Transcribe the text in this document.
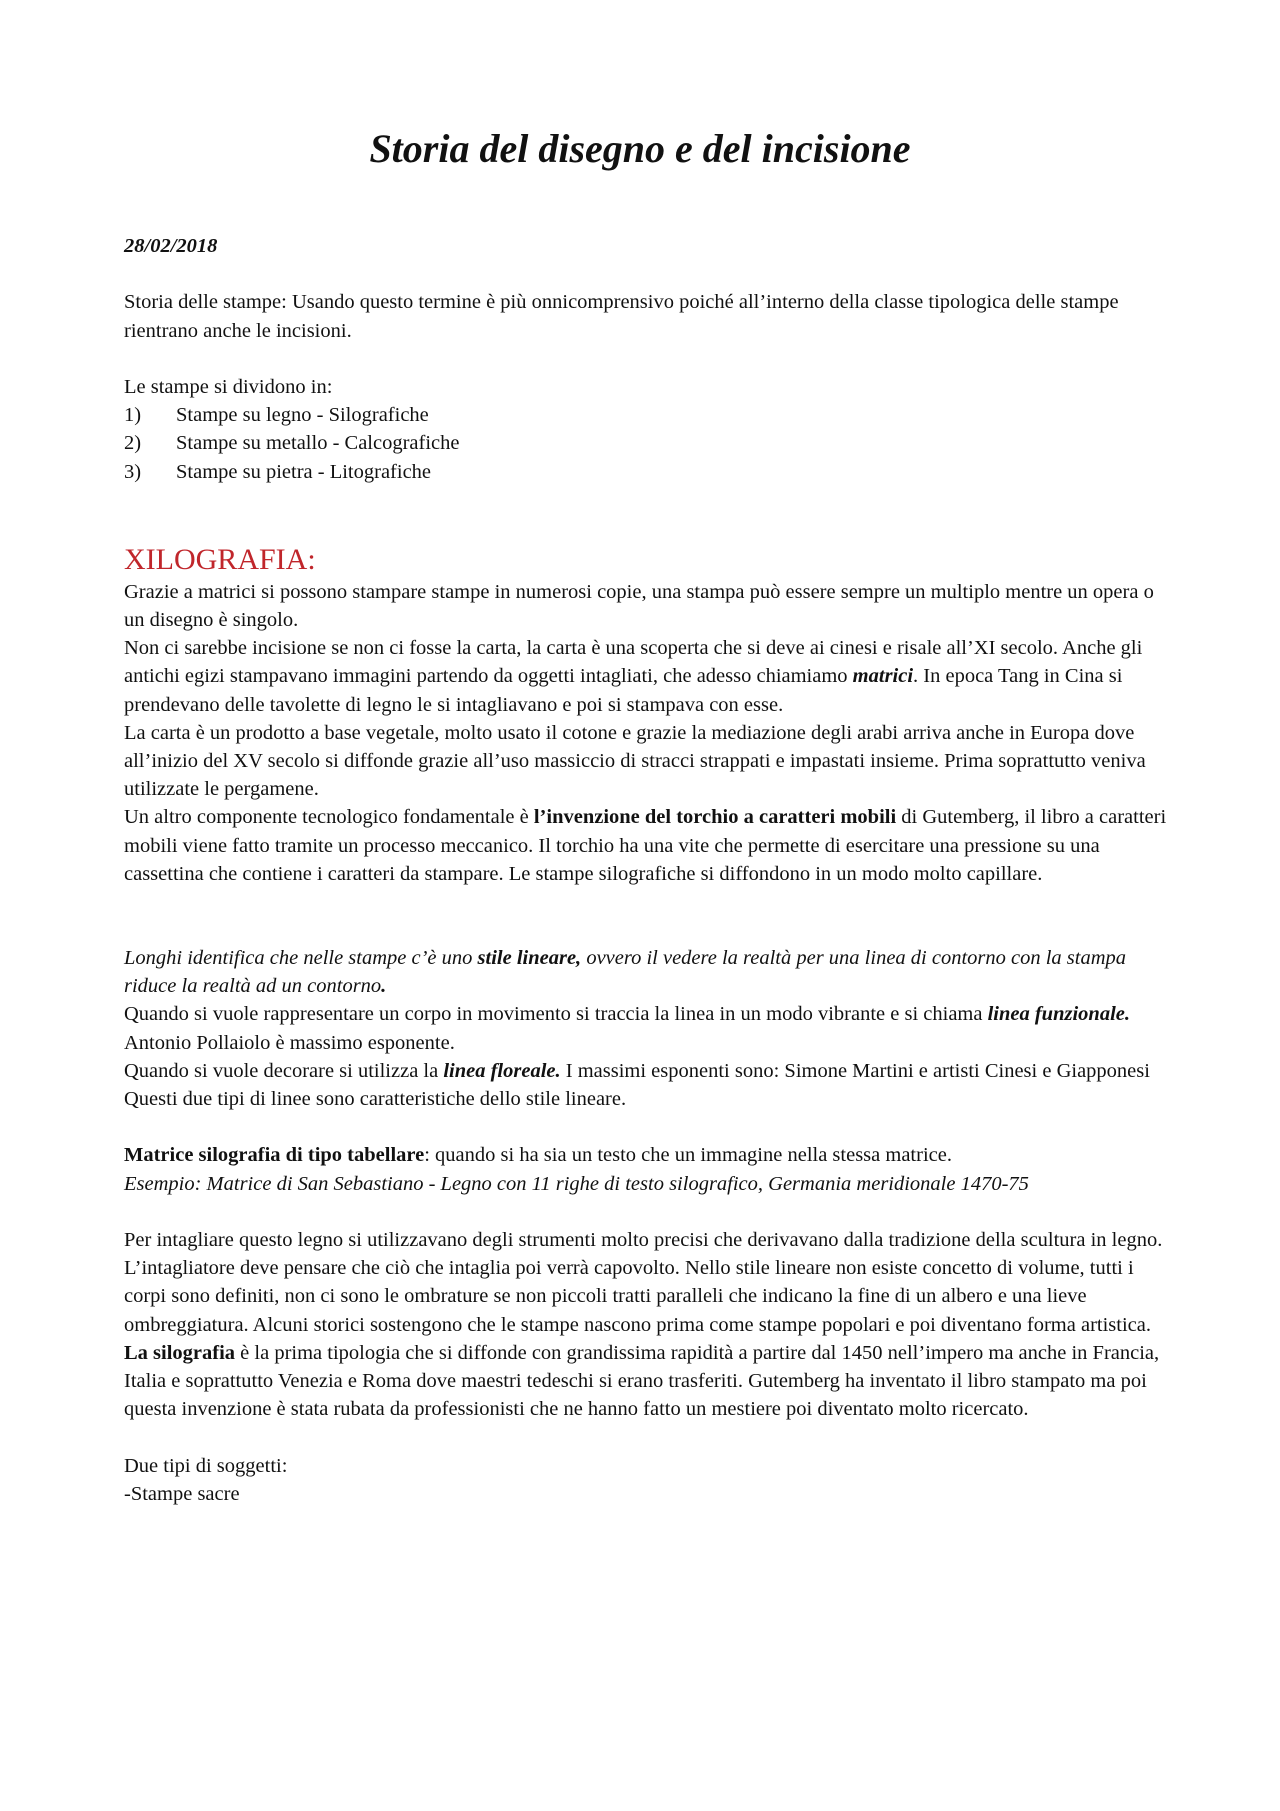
Storia del disegno e del incisione

28/02/2018

Storia delle stampe: Usando questo termine è più onnicomprensivo poiché all’interno della classe tipologica delle stampe rientrano anche le incisioni.

Le stampe si dividono in:

1)	Stampe su legno - Silografiche
2)	Stampe su metallo - Calcografiche
3)	Stampe su pietra - Litografiche
XILOGRAFIA:

Grazie a matrici si possono stampare stampe in numerosi copie, una stampa può essere sempre un multiplo mentre un opera o un disegno è singolo.

Non ci sarebbe incisione se non ci fosse la carta, la carta è una scoperta che si deve ai cinesi e risale all’XI secolo. Anche gli antichi egizi stampavano immagini partendo da oggetti intagliati, che adesso chiamiamo matrici. In epoca Tang in Cina si prendevano delle tavolette di legno le si intagliavano e poi si stampava con esse.

La carta è un prodotto a base vegetale, molto usato il cotone e grazie la mediazione degli arabi arriva anche in Europa dove all’inizio del XV secolo si diffonde grazie all’uso massiccio di stracci strappati e impastati insieme. Prima soprattutto veniva utilizzate le pergamene.

Un altro componente tecnologico fondamentale è l’invenzione del torchio a caratteri mobili di Gutemberg, il libro a caratteri mobili viene fatto tramite un processo meccanico. Il torchio ha una vite che permette di esercitare una pressione su una cassettina che contiene i caratteri da stampare. Le stampe silografiche si diffondono in un modo molto capillare.

Longhi identifica che nelle stampe c’è uno stile lineare, ovvero il vedere la realtà per una linea di contorno con la stampa riduce la realtà ad un contorno.

Quando si vuole rappresentare un corpo in movimento si traccia la linea in un modo vibrante e si chiama linea funzionale. Antonio Pollaiolo è massimo esponente.

Quando si vuole decorare si utilizza la linea floreale. I massimi esponenti sono: Simone Martini e artisti Cinesi e Giapponesi

Questi due tipi di linee sono caratteristiche dello stile lineare.

Matrice silografia di tipo tabellare: quando si ha sia un testo che un immagine nella stessa matrice.

Esempio: Matrice di San Sebastiano - Legno con 11 righe di testo silografico, Germania meridionale 1470-75

Per intagliare questo legno si utilizzavano degli strumenti molto precisi che derivavano dalla tradizione della scultura in legno. L’intagliatore deve pensare che ciò che intaglia poi verrà capovolto. Nello stile lineare non esiste concetto di volume, tutti i corpi sono definiti, non ci sono le ombrature se non piccoli tratti paralleli che indicano la fine di un albero e una lieve ombreggiatura. Alcuni storici sostengono che le stampe nascono prima come stampe popolari e poi diventano forma artistica.

La silografia è la prima tipologia che si diffonde con grandissima rapidità a partire dal 1450 nell’impero ma anche in Francia, Italia e soprattutto Venezia e Roma dove maestri tedeschi si erano trasferiti. Gutemberg ha inventato il libro stampato ma poi questa invenzione è stata rubata da professionisti che ne hanno fatto un mestiere poi diventato molto ricercato.

Due tipi di soggetti:

-Stampe sacre
